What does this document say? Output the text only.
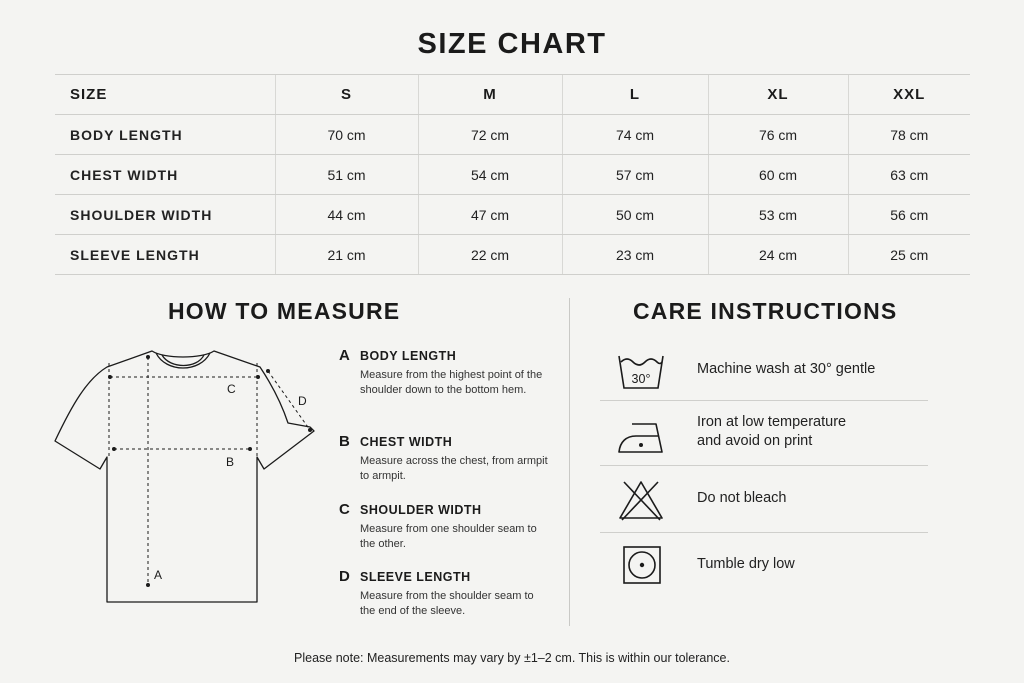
SIZE CHART
SIZE	S	M	L	XL	XXL
BODY LENGTH	70 cm	72 cm	74 cm	76 cm	78 cm
CHEST WIDTH	51 cm	54 cm	57 cm	60 cm	63 cm
SHOULDER WIDTH	44 cm	47 cm	50 cm	53 cm	56 cm
SLEEVE LENGTH	21 cm	22 cm	23 cm	24 cm	25 cm
HOW TO MEASURE
A
B
C
D
A BODY LENGTH
Measure from the highest point of the shoulder down to the bottom hem.
B CHEST WIDTH
Measure across the chest, from armpit to armpit.
C SHOULDER WIDTH
Measure from one shoulder seam to the other.
D SLEEVE LENGTH
Measure from the shoulder seam to the end of the sleeve.
CARE INSTRUCTIONS
30°
Machine wash at 30° gentle
Iron at low temperature
and avoid on print
Do not bleach
Tumble dry low
Please note: Measurements may vary by ±1–2 cm. This is within our tolerance.
